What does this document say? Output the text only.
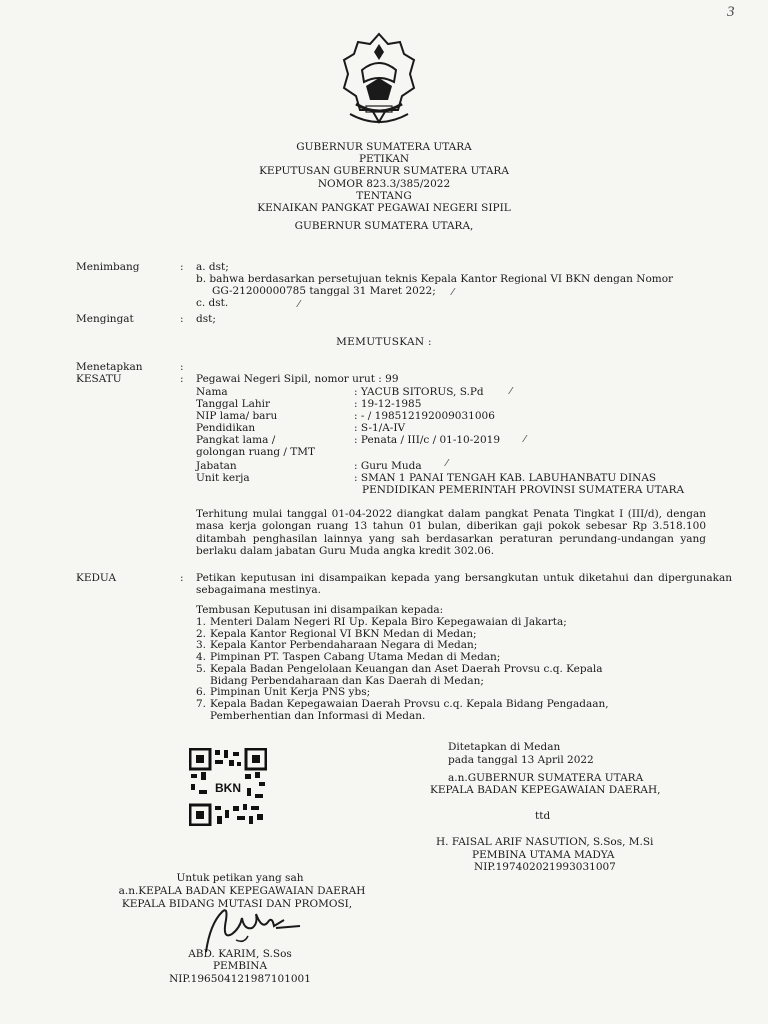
3
GUBERNUR SUMATERA UTARA
PETIKAN
KEPUTUSAN GUBERNUR SUMATERA UTARA
NOMOR 823.3/385/2022
TENTANG
KENAIKAN PANGKAT PEGAWAI NEGERI SIPIL
GUBERNUR SUMATERA UTARA,
Menimbang	: a. dst;
b. bahwa berdasarkan persetujuan teknis Kepala Kantor Regional VI BKN dengan Nomor
GG-21200000785 tanggal 31 Maret 2022;
c. dst.
Mengingat	: dst;
MEMUTUSKAN :
Menetapkan	:
KESATU	: Pegawai Negeri Sipil, nomor urut : 99
Nama	: YACUB SITORUS, S.Pd
Tanggal Lahir	: 19-12-1985
NIP lama/ baru	: - / 198512192009031006
Pendidikan	: S-1/A-IV
Pangkat lama /	: Penata / III/c / 01-10-2019
golongan ruang / TMT
Jabatan	: Guru Muda
Unit kerja	: SMAN 1 PANAI TENGAH KAB. LABUHANBATU DINAS
PENDIDIKAN PEMERINTAH PROVINSI SUMATERA UTARA
Terhitung mulai tanggal 01-04-2022 diangkat dalam pangkat Penata Tingkat I (III/d), dengan masa kerja golongan ruang 13 tahun 01 bulan, diberikan gaji pokok sebesar Rp 3.518.100 ditambah penghasilan lainnya yang sah berdasarkan peraturan perundang-undangan yang berlaku dalam jabatan Guru Muda angka kredit 302.06.
KEDUA	: Petikan keputusan ini disampaikan kepada yang bersangkutan untuk diketahui dan dipergunakan sebagaimana mestinya.
Tembusan Keputusan ini disampaikan kepada:
1. Menteri Dalam Negeri RI Up. Kepala Biro Kepegawaian di Jakarta;
2. Kepala Kantor Regional VI BKN Medan di Medan;
3. Kepala Kantor Perbendaharaan Negara di Medan;
4. Pimpinan PT. Taspen Cabang Utama Medan di Medan;
5. Kepala Badan Pengelolaan Keuangan dan Aset Daerah Provsu c.q. Kepala
Bidang Perbendaharaan dan Kas Daerah di Medan;
6. Pimpinan Unit Kerja PNS ybs;
7. Kepala Badan Kepegawaian Daerah Provsu c.q. Kepala Bidang Pengadaan,
Pemberhentian dan Informasi di Medan.
Ditetapkan di Medan
pada tanggal 13 April 2022
a.n.GUBERNUR SUMATERA UTARA
KEPALA BADAN KEPEGAWAIAN DAERAH,
ttd
H. FAISAL ARIF NASUTION, S.Sos, M.Si
PEMBINA UTAMA MADYA
NIP.197402021993031007
BKN
Untuk petikan yang sah
a.n.KEPALA BADAN KEPEGAWAIAN DAERAH
KEPALA BIDANG MUTASI DAN PROMOSI,
ABD. KARIM, S.Sos
PEMBINA
NIP.196504121987101001
⁄
⁄
⁄
⁄
⁄
